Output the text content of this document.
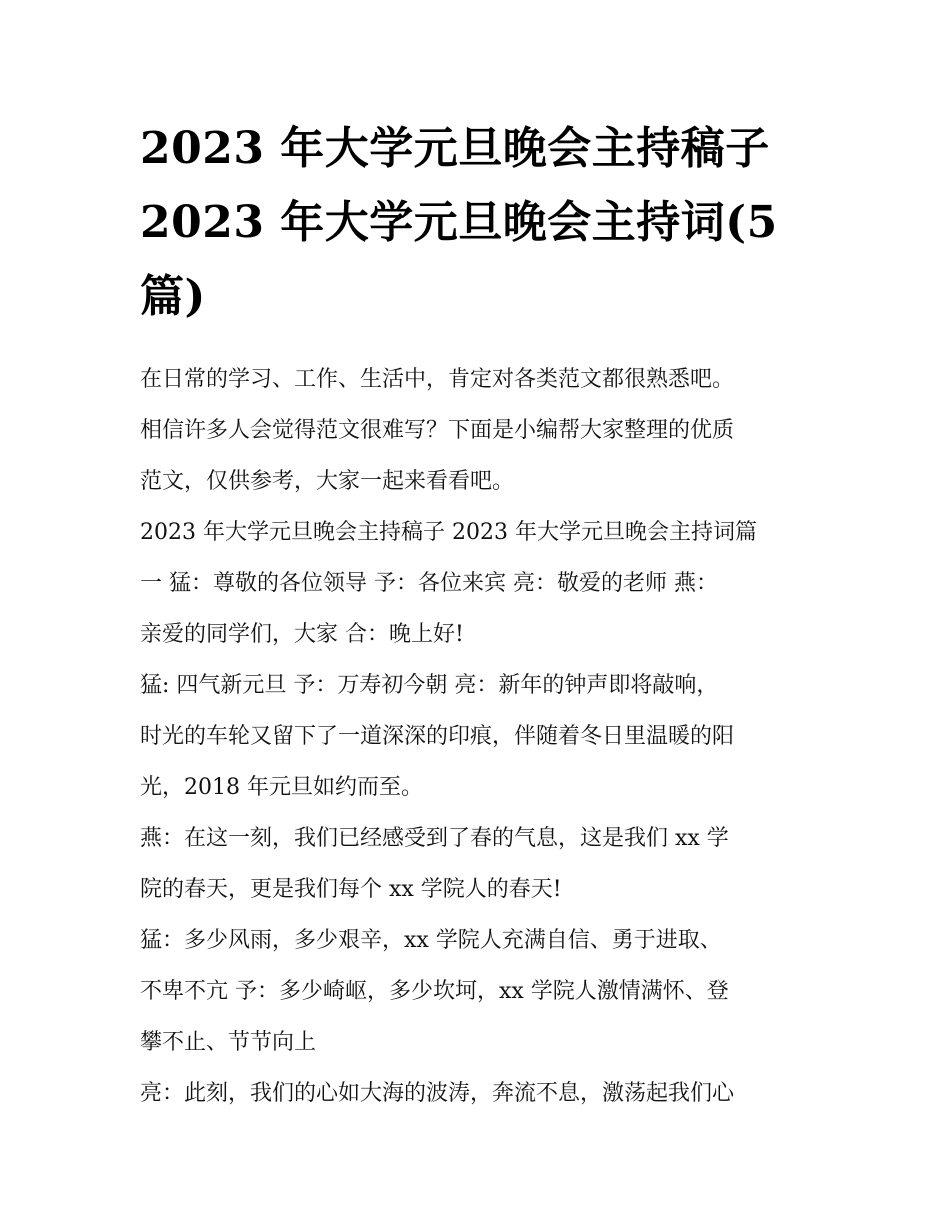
2023 年大学元旦晚会主持稿子
2023 年大学元旦晚会主持词(5
篇)
在日常的学习、工作、生活中，肯定对各类范文都很熟悉吧。
相信许多人会觉得范文很难写？下面是小编帮大家整理的优质
范文，仅供参考，大家一起来看看吧。
2023 年大学元旦晚会主持稿子 2023 年大学元旦晚会主持词篇
一 猛：尊敬的各位领导 予：各位来宾 亮：敬爱的老师 燕：
亲爱的同学们，大家 合：晚上好!
猛: 四气新元旦 予：万寿初今朝 亮：新年的钟声即将敲响，
时光的车轮又留下了一道深深的印痕，伴随着冬日里温暖的阳
光，2018 年元旦如约而至。
燕：在这一刻，我们已经感受到了春的气息，这是我们 xx 学
院的春天，更是我们每个 xx 学院人的春天!
猛：多少风雨，多少艰辛，xx 学院人充满自信、勇于进取、
不卑不亢 予：多少崎岖，多少坎坷，xx 学院人激情满怀、登
攀不止、节节向上
亮：此刻，我们的心如大海的波涛，奔流不息，激荡起我们心
